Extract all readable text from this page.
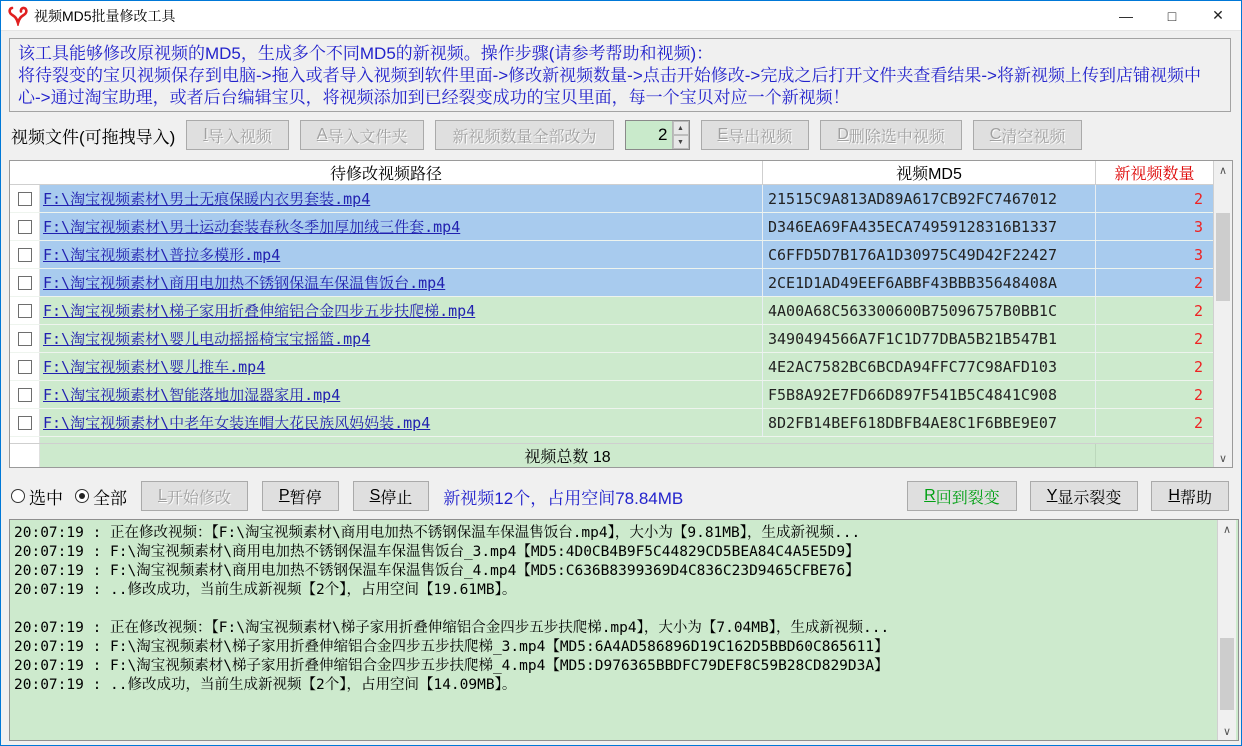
视频MD5批量修改工具	—	□	✕
该工具能够修改原视频的MD5，生成多个不同MD5的新视频。操作步骤(请参考帮助和视频)：
将待裂变的宝贝视频保存到电脑->拖入或者导入视频到软件里面->修改新视频数量->点击开始修改->完成之后打开文件夹查看结果->将新视频上传到店铺视频中心->通过淘宝助理，或者后台编辑宝贝，将视频添加到已经裂变成功的宝贝里面，每一个宝贝对应一个新视频！
视频文件(可拖拽导入) I 导入视频	A 导入文件夹	新视频数量全部改为
2
▲
▼ E 导出视频	D 删除选中视频	C 清空视频
待修改视频路径	视频MD5	新视频数量
F:\淘宝视频素材\男士无痕保暖内衣男套装.mp4	21515C9A813AD89A617CB92FC7467012	2
F:\淘宝视频素材\男士运动套装春秋冬季加厚加绒三件套.mp4	D346EA69FA435ECA74959128316B1337	3
F:\淘宝视频素材\普拉多模形.mp4	C6FFD5D7B176A1D30975C49D42F22427	3
F:\淘宝视频素材\商用电加热不锈钢保温车保温售饭台.mp4	2CE1D1AD49EEF6ABBF43BBB35648408A	2
F:\淘宝视频素材\梯子家用折叠伸缩铝合金四步五步扶爬梯.mp4	4A00A68C563300600B75096757B0BB1C	2
F:\淘宝视频素材\婴儿电动摇摇椅宝宝摇篮.mp4	3490494566A7F1C1D77DBA5B21B547B1	2
F:\淘宝视频素材\婴儿推车.mp4	4E2AC7582BC6BCDA94FFC77C98AFD103	2
F:\淘宝视频素材\智能落地加湿器家用.mp4	F5B8A92E7FD66D897F541B5C4841C908	2
F:\淘宝视频素材\中老年女装连帽大花民族风妈妈装.mp4	8D2FB14BEF618DBFB4AE8C1F6BBE9E07	2
视频总数 18
∧
∨
选中 全部 L 开始修改	P 暂停	S 停止 新视频12个，占用空间78.84MB	R 回到裂变	Y 显示裂变	H 帮助
20:07:19 : 正在修改视频：【F:\淘宝视频素材\商用电加热不锈钢保温车保温售饭台.mp4】，大小为【9.81MB】，生成新视频...
20:07:19 : F:\淘宝视频素材\商用电加热不锈钢保温车保温售饭台_3.mp4【MD5:4D0CB4B9F5C44829CD5BEA84C4A5E5D9】
20:07:19 : F:\淘宝视频素材\商用电加热不锈钢保温车保温售饭台_4.mp4【MD5:C636B8399369D4C836C23D9465CFBE76】
20:07:19 : ..修改成功，当前生成新视频【2个】，占用空间【19.61MB】。
20:07:19 : 正在修改视频：【F:\淘宝视频素材\梯子家用折叠伸缩铝合金四步五步扶爬梯.mp4】，大小为【7.04MB】，生成新视频...
20:07:19 : F:\淘宝视频素材\梯子家用折叠伸缩铝合金四步五步扶爬梯_3.mp4【MD5:6A4AD586896D19C162D5BBD60C865611】
20:07:19 : F:\淘宝视频素材\梯子家用折叠伸缩铝合金四步五步扶爬梯_4.mp4【MD5:D976365BBDFC79DEF8C59B28CD829D3A】
20:07:19 : ..修改成功，当前生成新视频【2个】，占用空间【14.09MB】。
∧
∨
